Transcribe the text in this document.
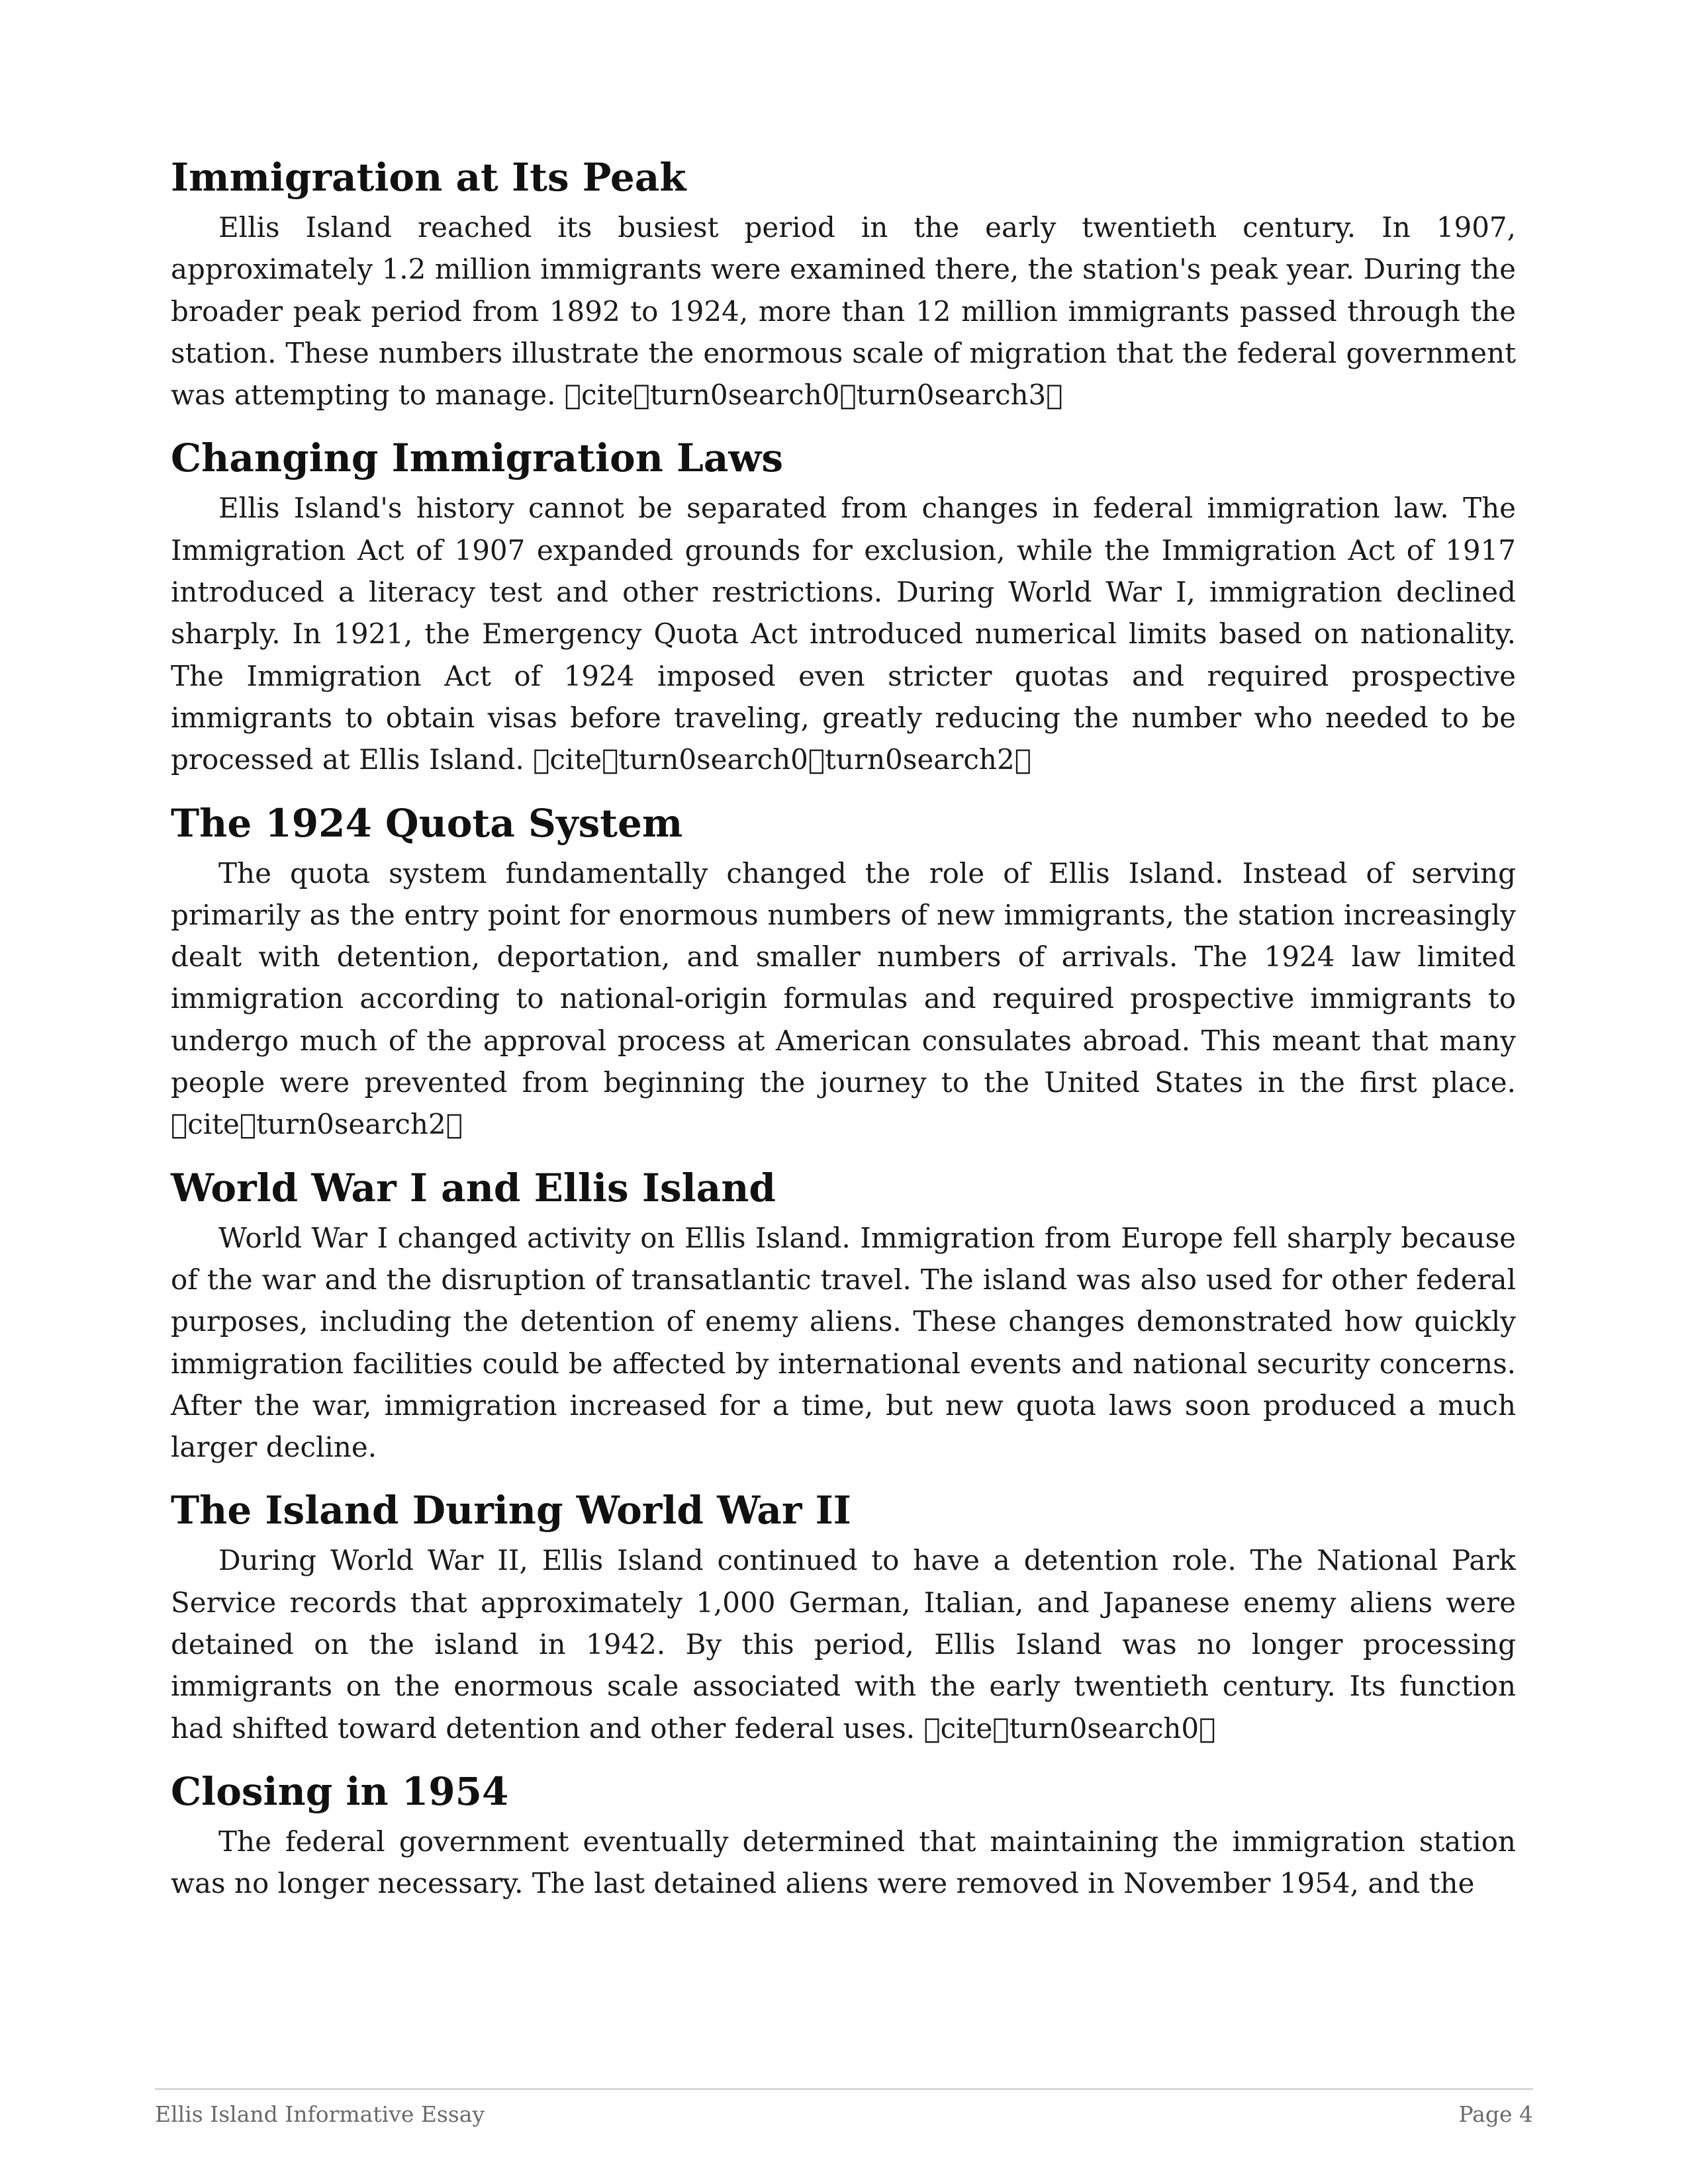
Immigration at Its Peak

Ellis Island reached its busiest period in the early twentieth century. In 1907, approximately 1.2 million immigrants were examined there, the station's peak year. During the broader peak period from 1892 to 1924, more than 12 million immigrants passed through the station. These numbers illustrate the enormous scale of migration that the federal government was attempting to manage. cite turn0search0 turn0search3

Changing Immigration Laws

Ellis Island's history cannot be separated from changes in federal immigration law. The Immigration Act of 1907 expanded grounds for exclusion, while the Immigration Act of 1917 introduced a literacy test and other restrictions. During World War I, immigration declined sharply. In 1921, the Emergency Quota Act introduced numerical limits based on nationality. The Immigration Act of 1924 imposed even stricter quotas and required prospective immigrants to obtain visas before traveling, greatly reducing the number who needed to be processed at Ellis Island. cite turn0search0 turn0search2

The 1924 Quota System

The quota system fundamentally changed the role of Ellis Island. Instead of serving primarily as the entry point for enormous numbers of new immigrants, the station increasingly dealt with detention, deportation, and smaller numbers of arrivals. The 1924 law limited immigration according to national-origin formulas and required prospective immigrants to undergo much of the approval process at American consulates abroad. This meant that many people were prevented from beginning the journey to the United States in the first place. cite turn0search2

World War I and Ellis Island

World War I changed activity on Ellis Island. Immigration from Europe fell sharply because of the war and the disruption of transatlantic travel. The island was also used for other federal purposes, including the detention of enemy aliens. These changes demonstrated how quickly immigration facilities could be affected by international events and national security concerns. After the war, immigration increased for a time, but new quota laws soon produced a much larger decline.

The Island During World War II

During World War II, Ellis Island continued to have a detention role. The National Park Service records that approximately 1,000 German, Italian, and Japanese enemy aliens were detained on the island in 1942. By this period, Ellis Island was no longer processing immigrants on the enormous scale associated with the early twentieth century. Its function had shifted toward detention and other federal uses. cite turn0search0

Closing in 1954

The federal government eventually determined that maintaining the immigration station was no longer necessary. The last detained aliens were removed in November 1954, and the

Ellis Island Informative Essay	Page 4
